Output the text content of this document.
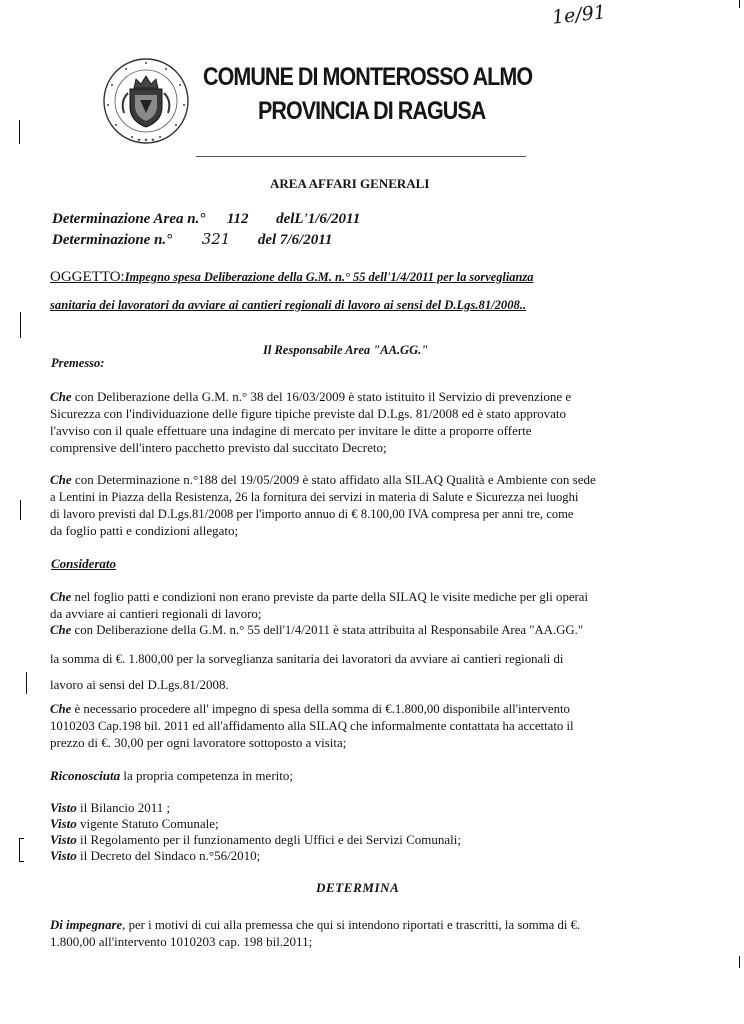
1e/91
✦ ✦ ✦
COMUNE DI MONTEROSSO ALMO
PROVINCIA DI RAGUSA
AREA AFFARI GENERALI
Determinazione Area n.° 112 delL'1/6/2011
Determinazione n.° 321 del 7/6/2011
OGGETTO:Impegno spesa Deliberazione della G.M. n.° 55 dell'1/4/2011 per la sorveglianza
sanitaria dei lavoratori da avviare ai cantieri regionali di lavoro ai sensi del D.Lgs.81/2008..
Il Responsabile Area "AA.GG."
Premesso:
Che con Deliberazione della G.M. n.° 38 del 16/03/2009 è stato istituito il Servizio di prevenzione e
Sicurezza con l'individuazione delle figure tipiche previste dal D.Lgs. 81/2008 ed è stato approvato
l'avviso con il quale effettuare una indagine di mercato per invitare le ditte a proporre offerte
comprensive dell'intero pacchetto previsto dal succitato Decreto;
Che con Determinazione n.°188 del 19/05/2009 è stato affidato alla SILAQ Qualità e Ambiente con sede
a Lentini in Piazza della Resistenza, 26 la fornitura dei servizi in materia di Salute e Sicurezza nei luoghi
di lavoro previsti dal D.Lgs.81/2008 per l'importo annuo di € 8.100,00 IVA compresa per anni tre, come
da foglio patti e condizioni allegato;
Considerato
Che nel foglio patti e condizioni non erano previste da parte della SILAQ le visite mediche per gli operai
da avviare ai cantieri regionali di lavoro;
Che con Deliberazione della G.M. n.° 55 dell'1/4/2011 è stata attribuita al Responsabile Area "AA.GG."
la somma di €. 1.800,00 per la sorveglianza sanitaria dei lavoratori da avviare ai cantieri regionali di
lavoro ai sensi del D.Lgs.81/2008.
Che è necessario procedere all' impegno di spesa della somma di €.1.800,00 disponibile all'intervento
1010203 Cap.198 bil. 2011 ed all'affidamento alla SILAQ che informalmente contattata ha accettato il
prezzo di €. 30,00 per ogni lavoratore sottoposto a visita;
Riconosciuta la propria competenza in merito;
Visto il Bilancio 2011 ;
Visto vigente Statuto Comunale;
Visto il Regolamento per il funzionamento degli Uffici e dei Servizi Comunali;
Visto il Decreto del Sindaco n.°56/2010;
DETERMINA
Di impegnare, per i motivi di cui alla premessa che qui si intendono riportati e trascritti, la somma di €.
1.800,00 all'intervento 1010203 cap. 198 bil.2011;
